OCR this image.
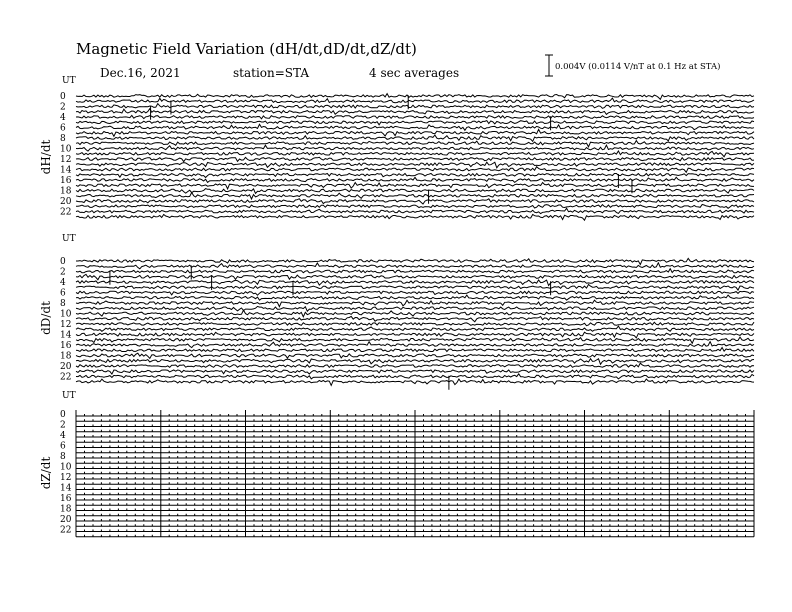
Magnetic Field Variation (dH/dt,dD/dt,dZ/dt)
Dec.16, 2021	station=STA	4 sec averages	0.004V (0.0114 V/nT at 0.1 Hz at STA)
UT
dH/dt
0
2
4
6
8
10
12
14
16
18
20
22
UT
dD/dt
0
2
4
6
8
10
12
14
16
18
20
22
UT
dZ/dt
0
2
4
6
8
10
12
14
16
18
20
22
